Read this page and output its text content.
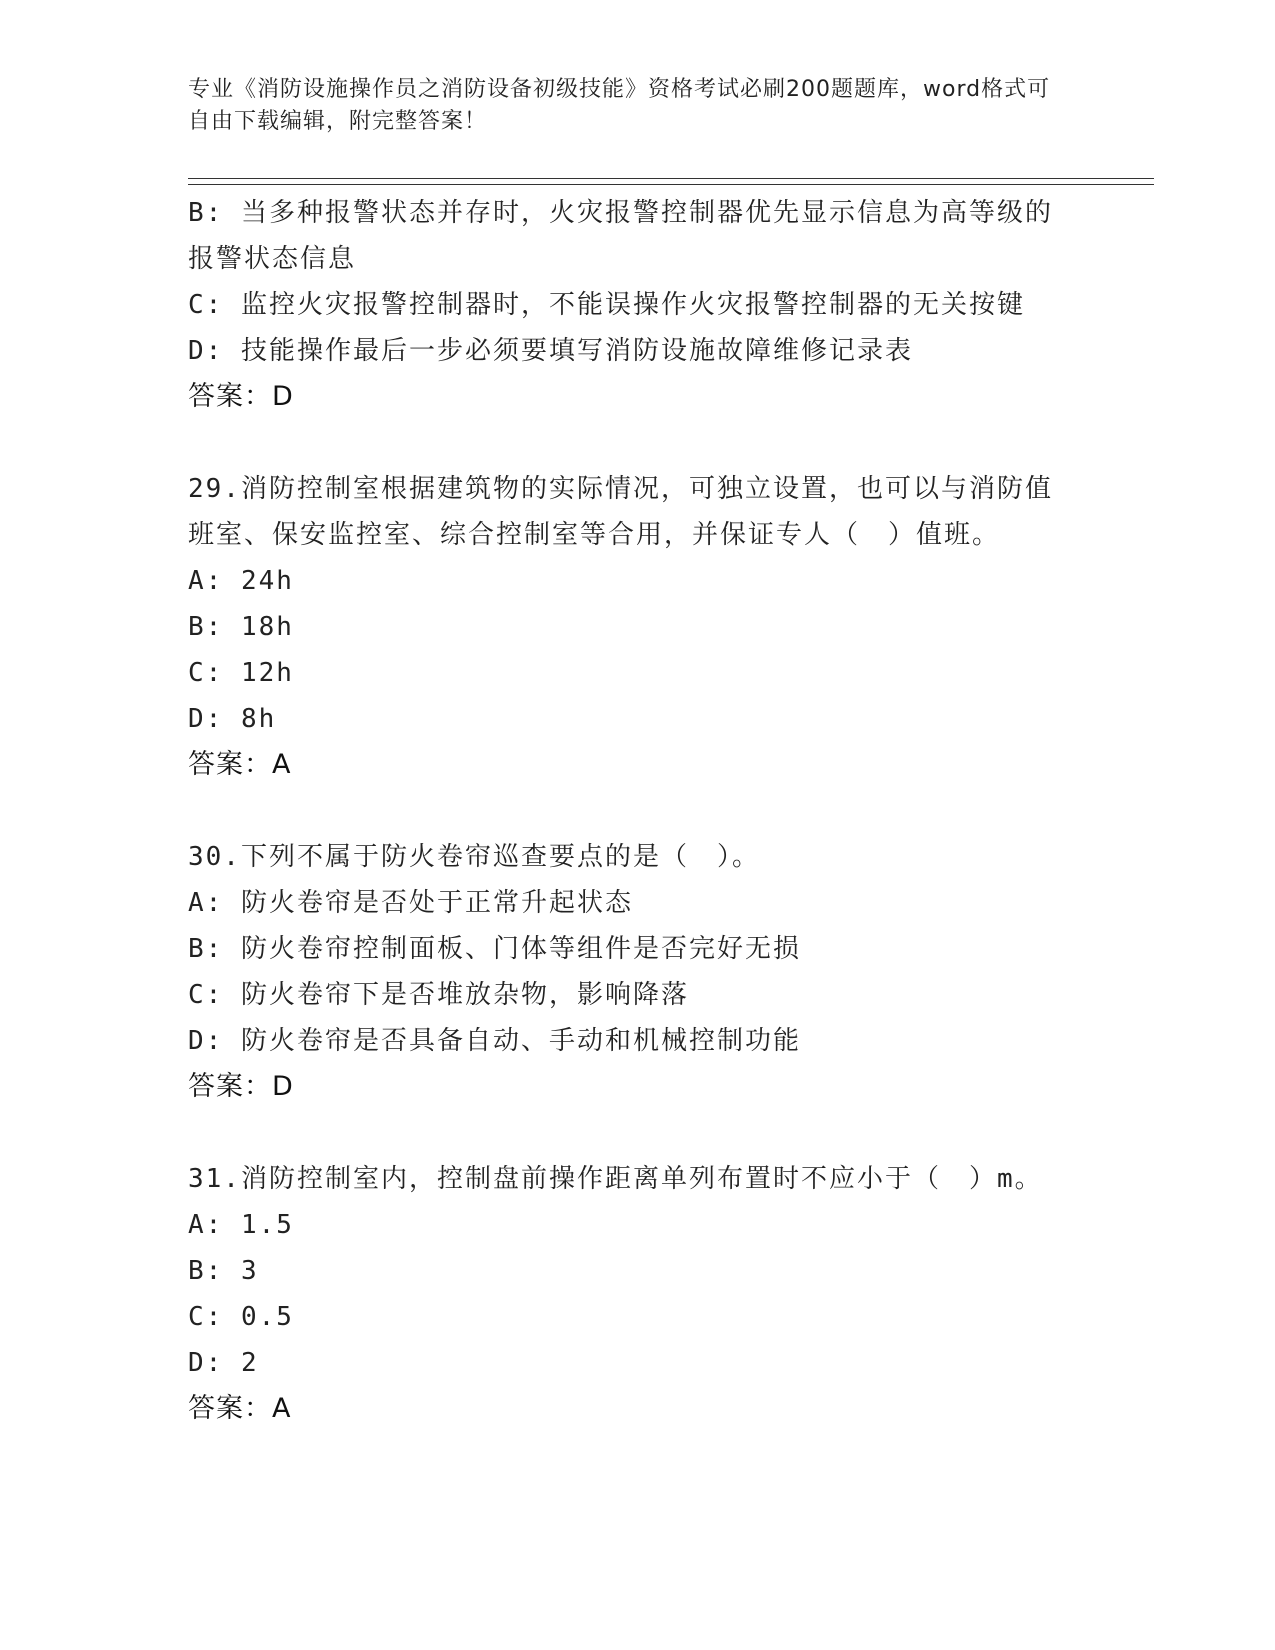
专业《消防设施操作员之消防设备初级技能》资格考试必刷200题题库，word格式可自由下载编辑，附完整答案！

B: 当多种报警状态并存时，火灾报警控制器优先显示信息为高等级的

报警状态信息

C: 监控火灾报警控制器时，不能误操作火灾报警控制器的无关按键

D: 技能操作最后一步必须要填写消防设施故障维修记录表

答案：D

29.消防控制室根据建筑物的实际情况，可独立设置，也可以与消防值

班室、保安监控室、综合控制室等合用，并保证专人（　）值班。

A: 24h

B: 18h

C: 12h

D: 8h

答案：A

30.下列不属于防火卷帘巡查要点的是（　）。

A: 防火卷帘是否处于正常升起状态

B: 防火卷帘控制面板、门体等组件是否完好无损

C: 防火卷帘下是否堆放杂物，影响降落

D: 防火卷帘是否具备自动、手动和机械控制功能

答案：D

31.消防控制室内，控制盘前操作距离单列布置时不应小于（　）m。

A: 1.5

B: 3

C: 0.5

D: 2

答案：A
